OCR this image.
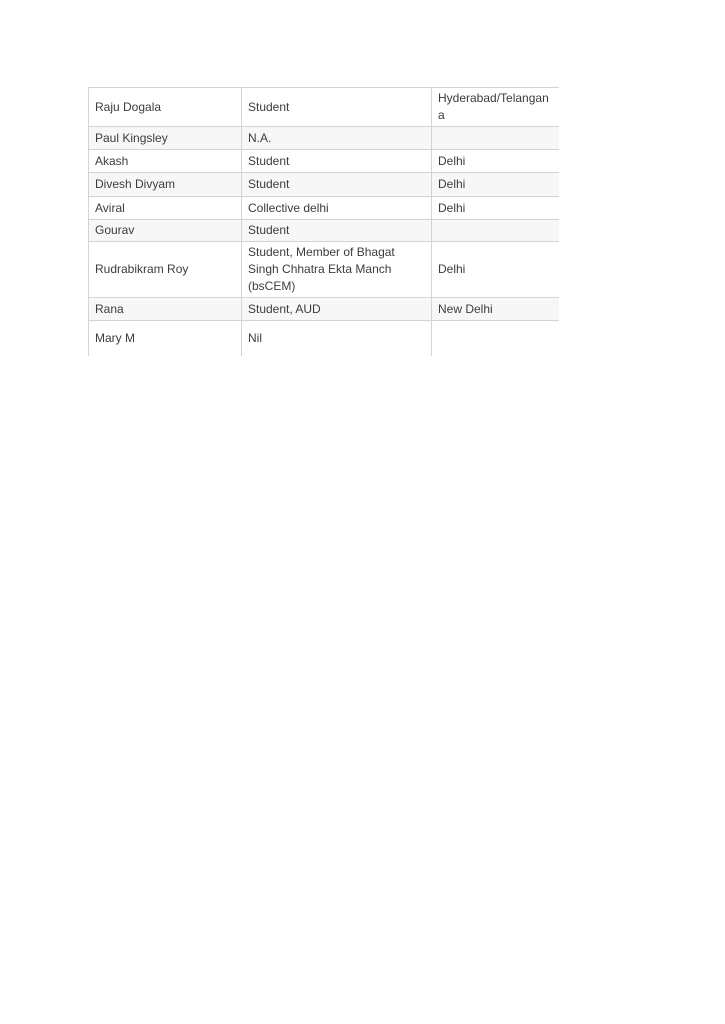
Raju Dogala	Student	Hyderabad/Telangana
Paul Kingsley	N.A.	
Akash	Student	Delhi
Divesh Divyam	Student	Delhi
Aviral	Collective delhi	Delhi
Gourav	Student	
Rudrabikram Roy	Student, Member of Bhagat Singh Chhatra Ekta Manch (bsCEM)	Delhi
Rana	Student, AUD	New Delhi
Mary M	Nil	
